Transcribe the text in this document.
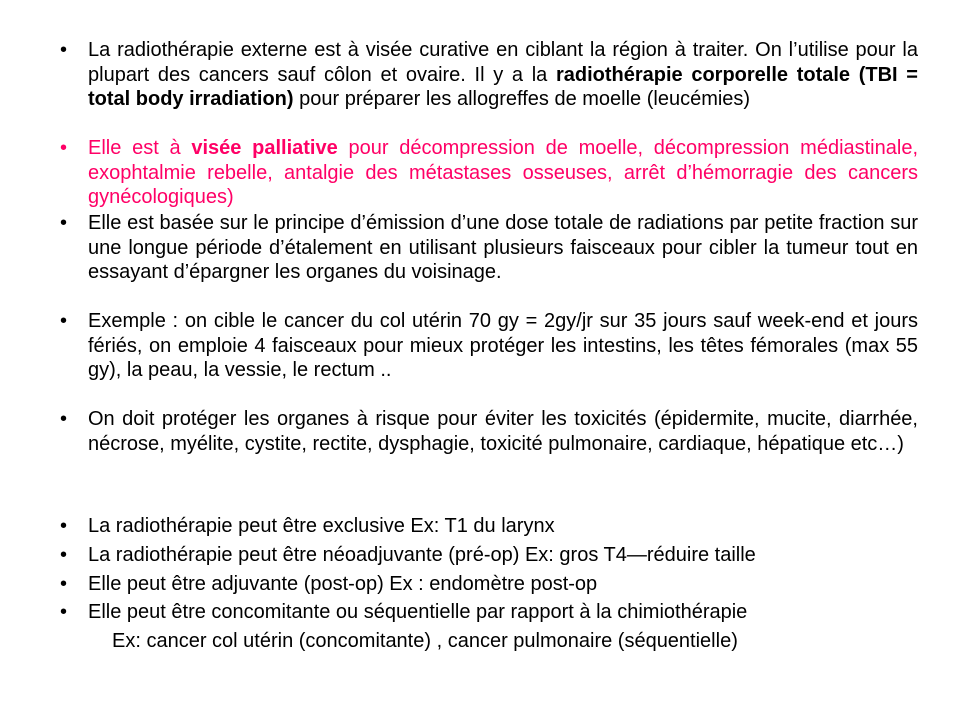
• La radiothérapie externe est à visée curative en ciblant la région à traiter. On l’utilise pour la plupart des cancers sauf côlon et ovaire. Il y a la radiothérapie corporelle totale (TBI = total body irradiation) pour préparer les allogreffes de moelle (leucémies)
• Elle est à visée palliative pour décompression de moelle, décompression médiastinale, exophtalmie rebelle, antalgie des métastases osseuses, arrêt d’hémorragie des cancers gynécologiques)
• Elle est basée sur le principe d’émission d’une dose totale de radiations par petite fraction sur une longue période d’étalement en utilisant plusieurs faisceaux pour cibler la tumeur tout en essayant d’épargner les organes du voisinage.
• Exemple : on cible le cancer du col utérin 70 gy = 2gy/jr sur 35 jours sauf week-end et jours fériés, on emploie 4 faisceaux pour mieux protéger les intestins, les têtes fémorales (max 55 gy), la peau, la vessie, le rectum ..
• On doit protéger les organes à risque pour éviter les toxicités (épidermite, mucite, diarrhée, nécrose, myélite, cystite, rectite, dysphagie, toxicité pulmonaire, cardiaque, hépatique etc…)
• La radiothérapie peut être exclusive Ex: T1 du larynx
• La radiothérapie peut être néoadjuvante (pré-op) Ex: gros T4—réduire taille
• Elle peut être adjuvante (post-op) Ex : endomètre post-op
• Elle peut être concomitante ou séquentielle par rapport à la chimiothérapie
Ex: cancer col utérin (concomitante) , cancer pulmonaire (séquentielle)
